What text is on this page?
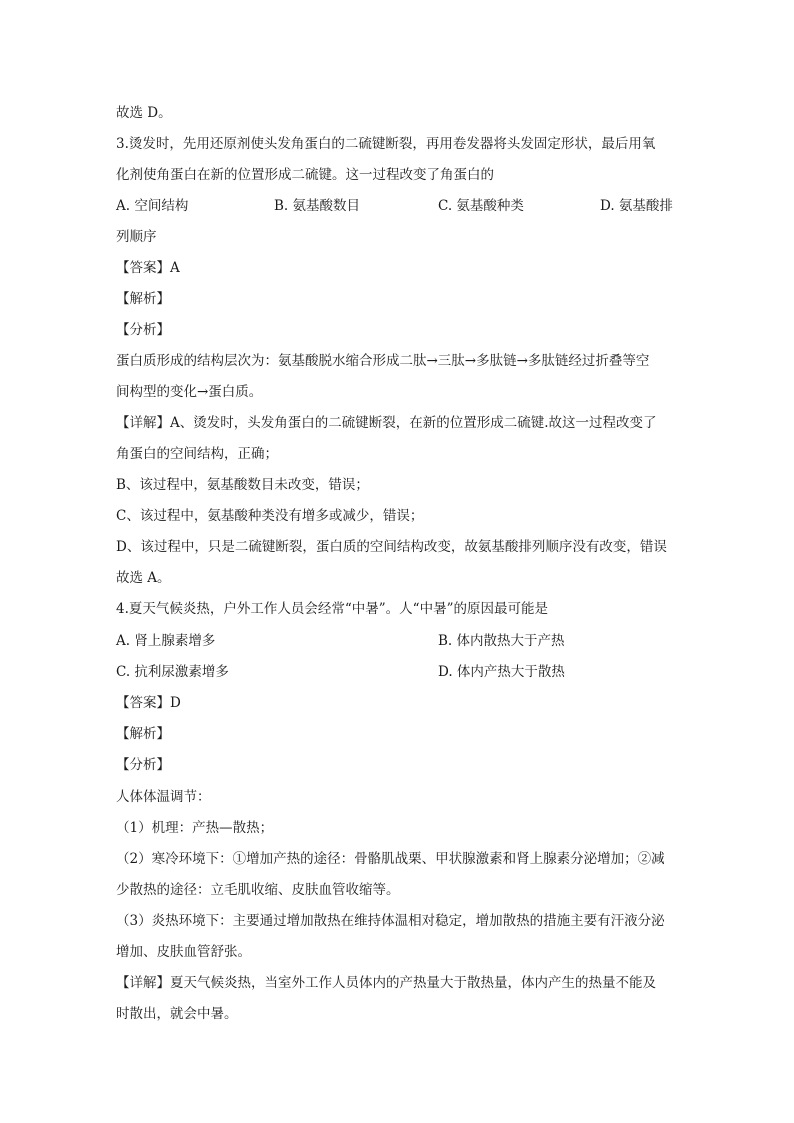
故选 D。
3.烫发时，先用还原剂使头发角蛋白的二硫键断裂，再用卷发器将头发固定形状，最后用氧
化剂使角蛋白在新的位置形成二硫键。这一过程改变了角蛋白的
A. 空间结构	B. 氨基酸数目	C. 氨基酸种类	D. 氨基酸排
列顺序
【答案】A
【解析】
【分析】
蛋白质形成的结构层次为：氨基酸脱水缩合形成二肽→三肽→多肽链→多肽链经过折叠等空
间构型的变化→蛋白质。
【详解】A、烫发时，头发角蛋白的二硫键断裂，在新的位置形成二硫键.故这一过程改变了
角蛋白的空间结构，正确；
B、该过程中，氨基酸数目未改变，错误；
C、该过程中，氨基酸种类没有增多或减少，错误；
D、该过程中，只是二硫键断裂，蛋白质的空间结构改变，故氨基酸排列顺序没有改变，错误
故选 A。
4.夏天气候炎热，户外工作人员会经常“中暑”。人“中暑”的原因最可能是
A. 肾上腺素增多	B. 体内散热大于产热
C. 抗利尿激素增多	D. 体内产热大于散热
【答案】D
【解析】
【分析】
人体体温调节：
（1）机理：产热—散热；
（2）寒冷环境下：①增加产热的途径：骨骼肌战栗、甲状腺激素和肾上腺素分泌增加；②减
少散热的途径：立毛肌收缩、皮肤血管收缩等。
（3）炎热环境下：主要通过增加散热在维持体温相对稳定，增加散热的措施主要有汗液分泌
增加、皮肤血管舒张。
【详解】夏天气候炎热，当室外工作人员体内的产热量大于散热量，体内产生的热量不能及
时散出，就会中暑。
